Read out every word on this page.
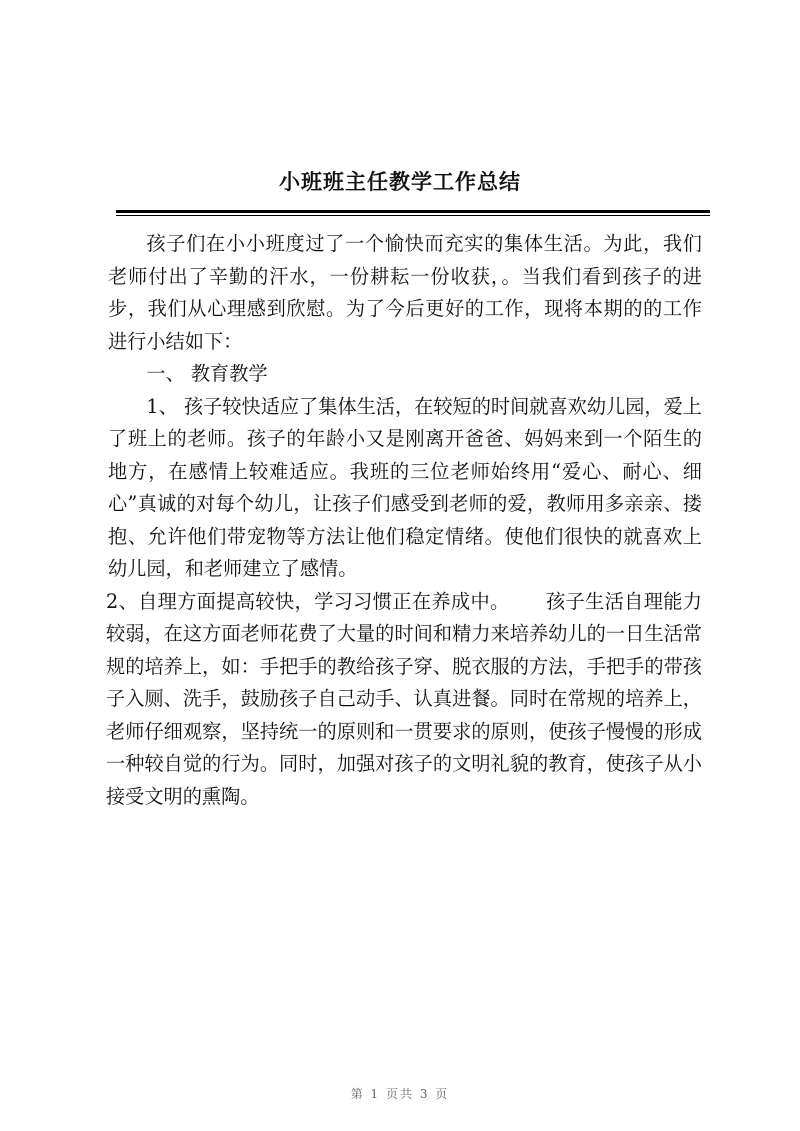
小班班主任教学工作总结

孩子们在小小班度过了一个愉快而充实的集体生活。为此，我们老师付出了辛勤的汗水，一份耕耘一份收获，。当我们看到孩子的进步，我们从心理感到欣慰。为了今后更好的工作，现将本期的的工作进行小结如下：

一、 教育教学

1、 孩子较快适应了集体生活，在较短的时间就喜欢幼儿园，爱上了班上的老师。孩子的年龄小又是刚离开爸爸、妈妈来到一个陌生的地方，在感情上较难适应。我班的三位老师始终用“爱心、耐心、细心”真诚的对每个幼儿，让孩子们感受到老师的爱，教师用多亲亲、搂抱、允许他们带宠物等方法让他们稳定情绪。使他们很快的就喜欢上幼儿园，和老师建立了感情。

2、自理方面提高较快，学习习惯正在养成中。 孩子生活自理能力较弱，在这方面老师花费了大量的时间和精力来培养幼儿的一日生活常规的培养上，如：手把手的教给孩子穿、脱衣服的方法，手把手的带孩子入厕、洗手，鼓励孩子自己动手、认真进餐。同时在常规的培养上，老师仔细观察，坚持统一的原则和一贯要求的原则，使孩子慢慢的形成一种较自觉的行为。同时，加强对孩子的文明礼貌的教育，使孩子从小接受文明的熏陶。

第 1 页共 3 页
